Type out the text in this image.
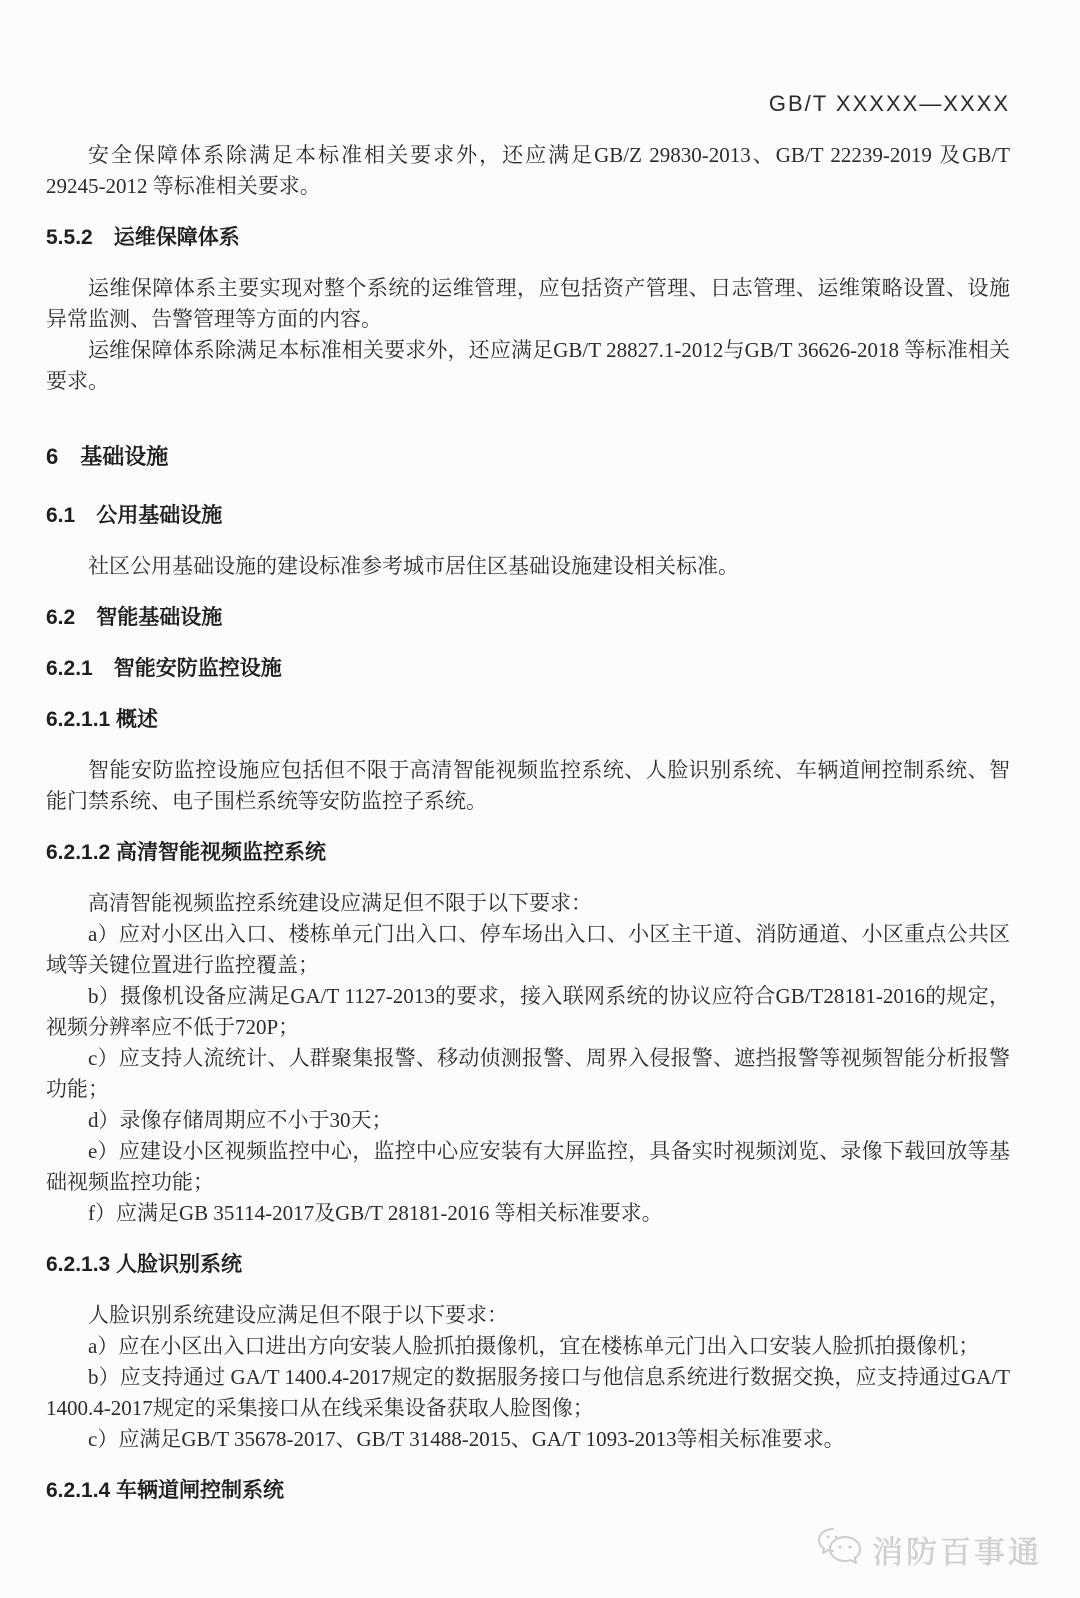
GB/T XXXXX—XXXX

安全保障体系除满足本标准相关要求外，还应满足GB/Z 29830-2013、GB/T 22239-2019 及GB/T 29245-2012 等标准相关要求。

5.5.2　运维保障体系

运维保障体系主要实现对整个系统的运维管理，应包括资产管理、日志管理、运维策略设置、设施异常监测、告警管理等方面的内容。

运维保障体系除满足本标准相关要求外，还应满足GB/T 28827.1-2012与GB/T 36626-2018 等标准相关要求。

6　基础设施
6.1　公用基础设施

社区公用基础设施的建设标准参考城市居住区基础设施建设相关标准。

6.2　智能基础设施
6.2.1　智能安防监控设施
6.2.1.1 概述

智能安防监控设施应包括但不限于高清智能视频监控系统、人脸识别系统、车辆道闸控制系统、智能门禁系统、电子围栏系统等安防监控子系统。

6.2.1.2 高清智能视频监控系统

高清智能视频监控系统建设应满足但不限于以下要求：

a）应对小区出入口、楼栋单元门出入口、停车场出入口、小区主干道、消防通道、小区重点公共区域等关键位置进行监控覆盖；

b）摄像机设备应满足GA/T 1127-2013的要求，接入联网系统的协议应符合GB/T28181-2016的规定，视频分辨率应不低于720P；

c）应支持人流统计、人群聚集报警、移动侦测报警、周界入侵报警、遮挡报警等视频智能分析报警功能；

d）录像存储周期应不小于30天；

e）应建设小区视频监控中心，监控中心应安装有大屏监控，具备实时视频浏览、录像下载回放等基础视频监控功能；

f）应满足GB 35114-2017及GB/T 28181-2016 等相关标准要求。

6.2.1.3 人脸识别系统

人脸识别系统建设应满足但不限于以下要求：

a）应在小区出入口进出方向安装人脸抓拍摄像机，宜在楼栋单元门出入口安装人脸抓拍摄像机；

b）应支持通过 GA/T 1400.4-2017规定的数据服务接口与他信息系统进行数据交换，应支持通过GA/T 1400.4-2017规定的采集接口从在线采集设备获取人脸图像；

c）应满足GB/T 35678-2017、GB/T 31488-2015、GA/T 1093-2013等相关标准要求。

6.2.1.4 车辆道闸控制系统
消防百事通
